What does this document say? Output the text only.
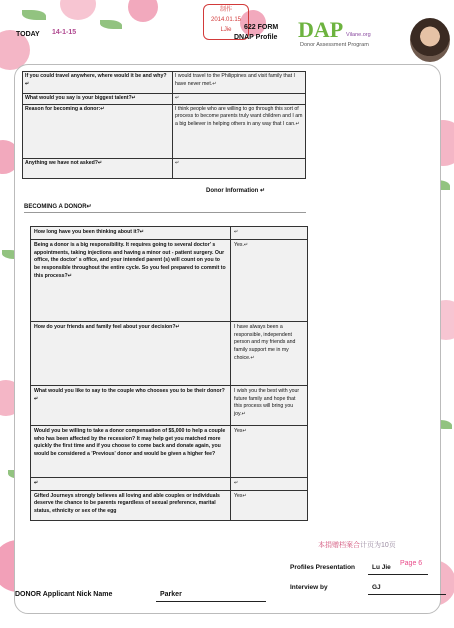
TODAY 14-1-15
制作
2014.01.15
LJie	622 FORM
DNAP Profile DAP Vilane.org
Donor Assessment Program
If you could travel anywhere, where would it be and why?↵	I would travel to the Philippines and visit family that I have never met.↵
What would you say is your biggest talent?↵	↵
Reason for becoming a donor:↵	I think people who are willing to go through this sort of process to become parents truly want children and I am a big believer in helping others in any way that I can.↵
Anything we have not asked?↵	↵
Donor Information ↵
BECOMING A DONOR↵
How long have you been thinking about it?↵	↵
Being a donor is a big responsibility. It requires going to several doctor' s appointments, taking injections and having a minor out - patient surgery. Our office, the doctor' s office, and your intended parent (s) will count on you to be responsible throughout the entire cycle. So you feel prepared to commit to this process?↵	Yes.↵
How do your friends and family feel about your decision?↵	I have always been a responsible, independent person and my friends and family support me in my choice.↵
What would you like to say to the couple who chooses you to be their donor?↵	I wish you the best with your future family and hope that this process will bring you joy.↵
Would you be willing to take a donor compensation of $5,000 to help a couple who has been affected by the recession? It may help get you matched more quickly the first time and if you choose to come back and donate again, you would be considered a 'Previous' donor and would be given a higher fee?	Yes↵
↵	↵
Gifted Journeys strongly believes all loving and able couples or individuals deserve the chance to be parents regardless of sexual preference, marital status, ethnicity or sex of the egg	Yes↵
本捐赠档案合计页为10页
Page 6
Profiles Presentation	Lu Jie
Interview by	GJ
DONOR Applicant Nick Name	Parker
